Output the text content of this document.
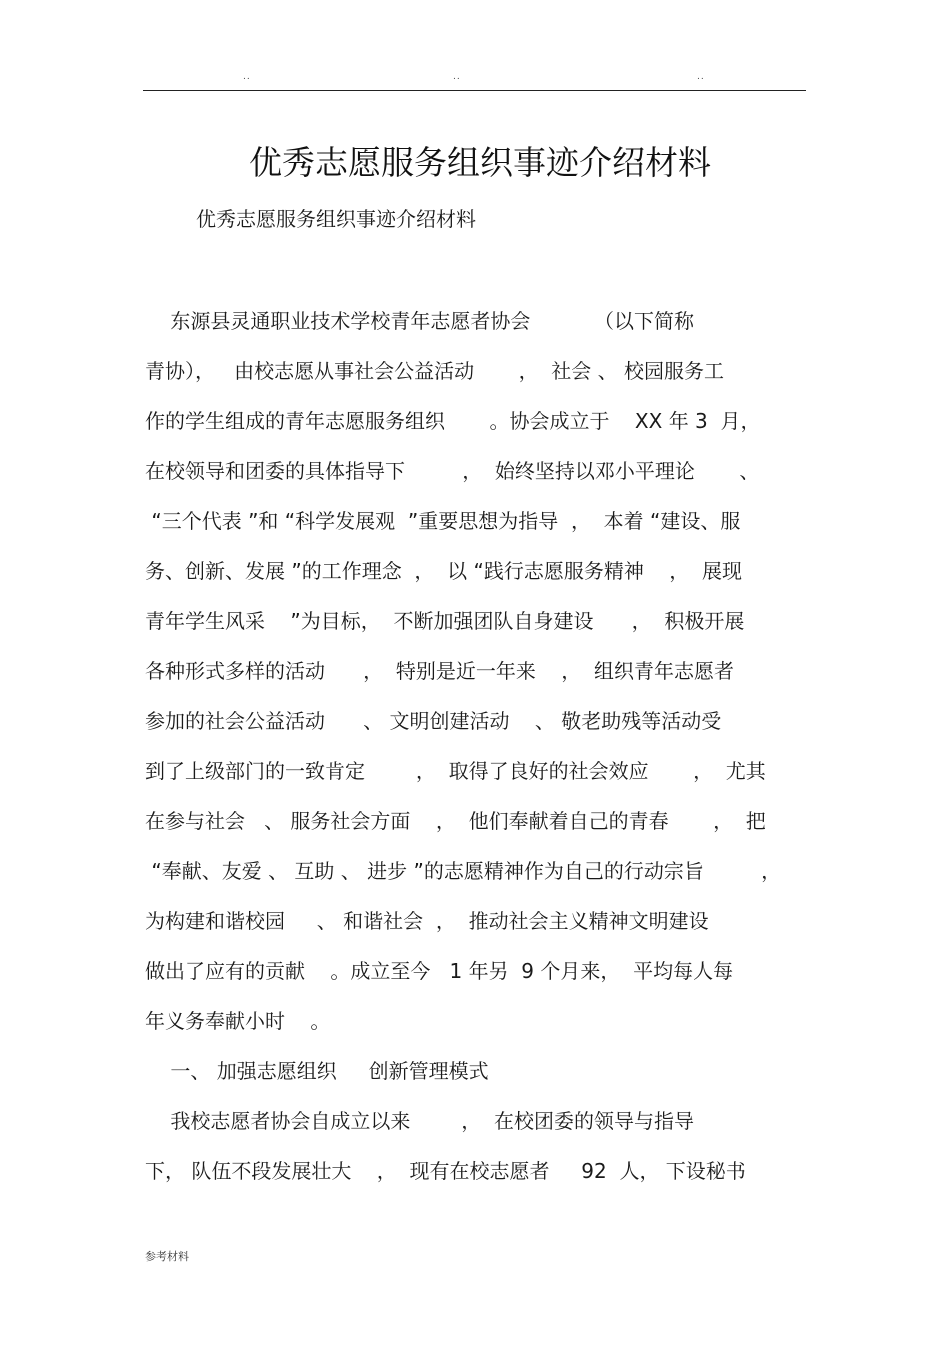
..	..	..
优秀志愿服务组织事迹介绍材料
优秀志愿服务组织事迹介绍材料
东源县灵通职业技术学校青年志愿者协会          （以下简称
青协），   由校志愿从事社会公益活动       ，  社会 、 校园服务工
作的学生组成的青年志愿服务组织       。协会成立于    XX 年 3  月，
在校领导和团委的具体指导下         ，  始终坚持以邓小平理论       、
“三个代表 ”和 “科学发展观  ”重要思想为指导  ，  本着 “建设、服
务、创新、发展 ”的工作理念  ，  以 “践行志愿服务精神    ，  展现
青年学生风采    ”为目标，  不断加强团队自身建设      ，  积极开展
各种形式多样的活动      ，  特别是近一年来    ，  组织青年志愿者
参加的社会公益活动      、 文明创建活动    、 敬老助残等活动受
到了上级部门的一致肯定        ，  取得了良好的社会效应       ，  尤其
在参与社会   、 服务社会方面    ，  他们奉献着自己的青春       ，  把
“奉献、友爱 、 互助 、 进步 ”的志愿精神作为自己的行动宗旨         ，
为构建和谐校园     、 和谐社会  ，  推动社会主义精神文明建设
做出了应有的贡献    。成立至今   1 年另  9 个月来，  平均每人每
年义务奉献小时    。
一、 加强志愿组织     创新管理模式
我校志愿者协会自成立以来        ，  在校团委的领导与指导
下， 队伍不段发展壮大    ，  现有在校志愿者     92  人， 下设秘书
参考材料
